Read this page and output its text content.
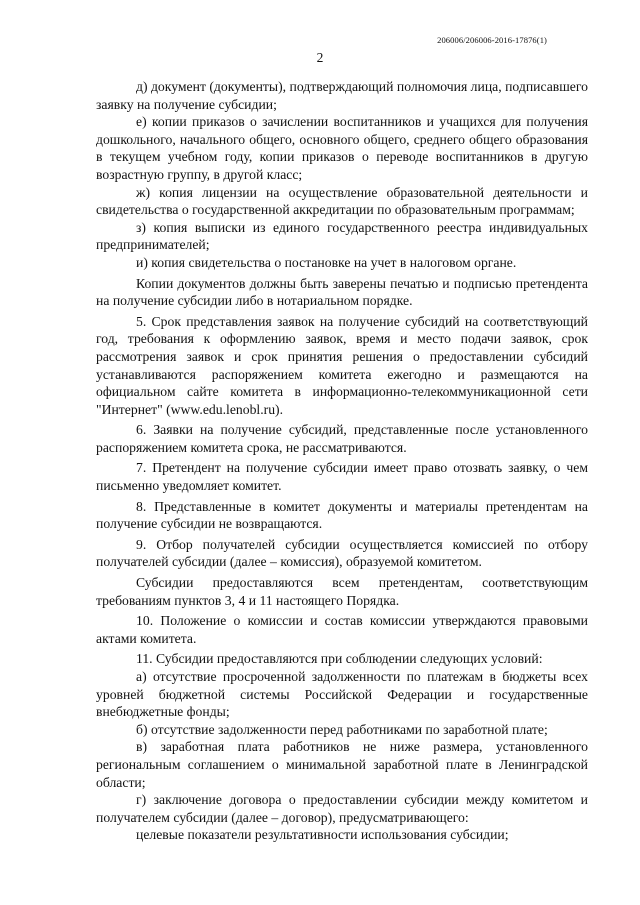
206006/206006-2016-17876(1)
2

д) документ (документы), подтверждающий полномочия лица, подписавшего заявку на получение субсидии;

е) копии приказов о зачислении воспитанников и учащихся для получения дошкольного, начального общего, основного общего, среднего общего образования в текущем учебном году, копии приказов о переводе воспитанников в другую возрастную группу, в другой класс;

ж) копия лицензии на осуществление образовательной деятельности и свидетельства о государственной аккредитации по образовательным программам;

з) копия выписки из единого государственного реестра индивидуальных предпринимателей;

и) копия свидетельства о постановке на учет в налоговом органе.

Копии документов должны быть заверены печатью и подписью претендента на получение субсидии либо в нотариальном порядке.

5. Срок представления заявок на получение субсидий на соответствующий год, требования к оформлению заявок, время и место подачи заявок, срок рассмотрения заявок и срок принятия решения о предоставлении субсидий устанавливаются распоряжением комитета ежегодно и размещаются на официальном сайте комитета в информационно-телекоммуникационной сети "Интернет" (www.edu.lenobl.ru).

6. Заявки на получение субсидий, представленные после установленного распоряжением комитета срока, не рассматриваются.

7. Претендент на получение субсидии имеет право отозвать заявку, о чем письменно уведомляет комитет.

8. Представленные в комитет документы и материалы претендентам на получение субсидии не возвращаются.

9. Отбор получателей субсидии осуществляется комиссией по отбору получателей субсидии (далее – комиссия), образуемой комитетом.

Субсидии предоставляются всем претендентам, соответствующим требованиям пунктов 3, 4 и 11 настоящего Порядка.

10. Положение о комиссии и состав комиссии утверждаются правовыми актами комитета.

11. Субсидии предоставляются при соблюдении следующих условий:

а) отсутствие просроченной задолженности по платежам в бюджеты всех уровней бюджетной системы Российской Федерации и государственные внебюджетные фонды;

б) отсутствие задолженности перед работниками по заработной плате;

в) заработная плата работников не ниже размера, установленного региональным соглашением о минимальной заработной плате в Ленинградской области;

г) заключение договора о предоставлении субсидии между комитетом и получателем субсидии (далее – договор), предусматривающего:

целевые показатели результативности использования субсидии;
